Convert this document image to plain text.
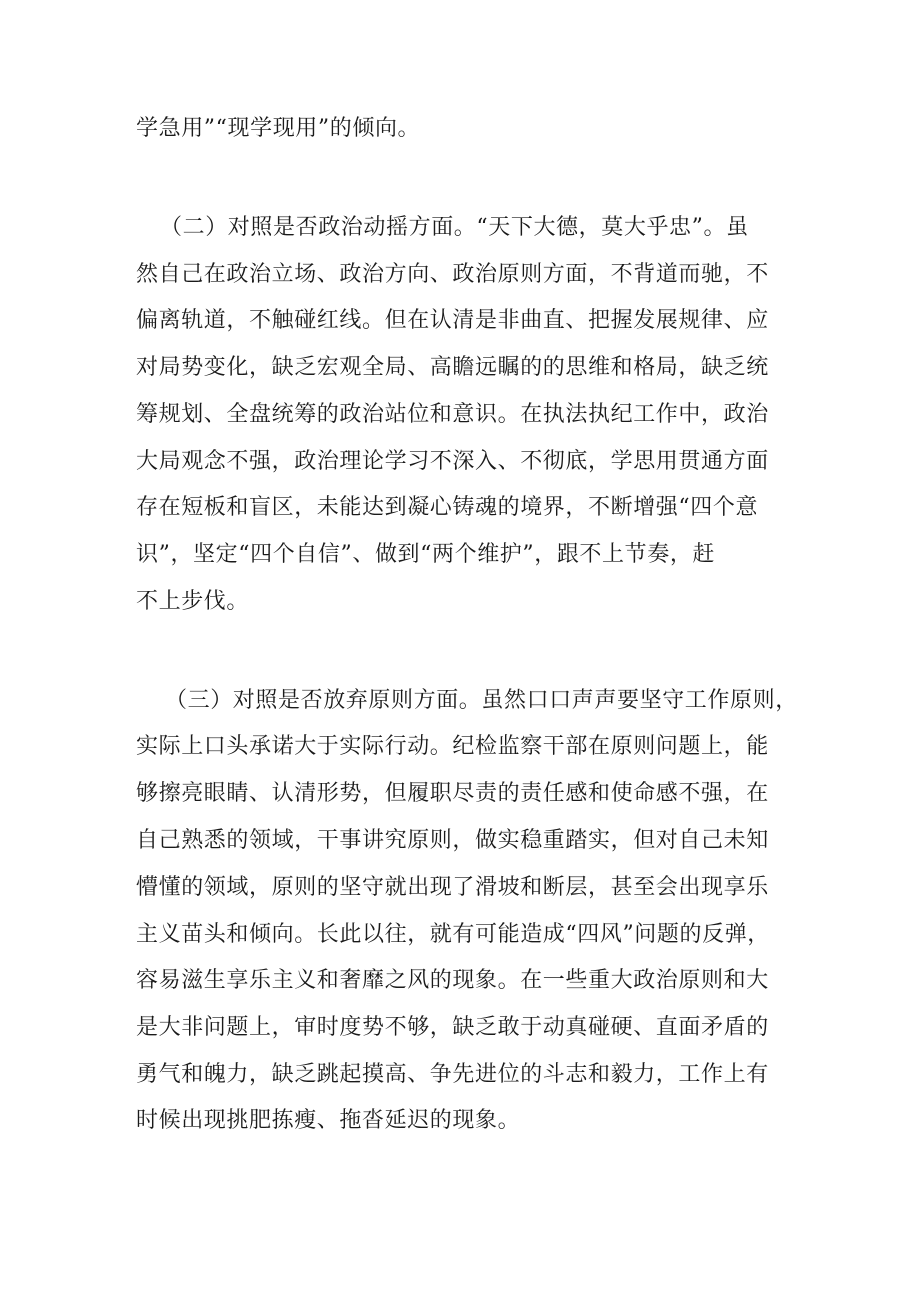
学急用”“现学现用”的倾向。
（二）对照是否政治动摇方面。“天下大德，莫大乎忠”。虽
然自己在政治立场、政治方向、政治原则方面，不背道而驰，不
偏离轨道，不触碰红线。但在认清是非曲直、把握发展规律、应
对局势变化，缺乏宏观全局、高瞻远瞩的的思维和格局，缺乏统
筹规划、全盘统筹的政治站位和意识。在执法执纪工作中，政治
大局观念不强，政治理论学习不深入、不彻底，学思用贯通方面
存在短板和盲区，未能达到凝心铸魂的境界，不断增强“四个意
识”，坚定“四个自信”、做到“两个维护”，跟不上节奏，赶
不上步伐。
（三）对照是否放弃原则方面。虽然口口声声要坚守工作原则，
实际上口头承诺大于实际行动。纪检监察干部在原则问题上，能
够擦亮眼睛、认清形势，但履职尽责的责任感和使命感不强，在
自己熟悉的领域，干事讲究原则，做实稳重踏实，但对自己未知
懵懂的领域，原则的坚守就出现了滑坡和断层，甚至会出现享乐
主义苗头和倾向。长此以往，就有可能造成“四风”问题的反弹，
容易滋生享乐主义和奢靡之风的现象。在一些重大政治原则和大
是大非问题上，审时度势不够，缺乏敢于动真碰硬、直面矛盾的
勇气和魄力，缺乏跳起摸高、争先进位的斗志和毅力，工作上有
时候出现挑肥拣瘦、拖沓延迟的现象。
